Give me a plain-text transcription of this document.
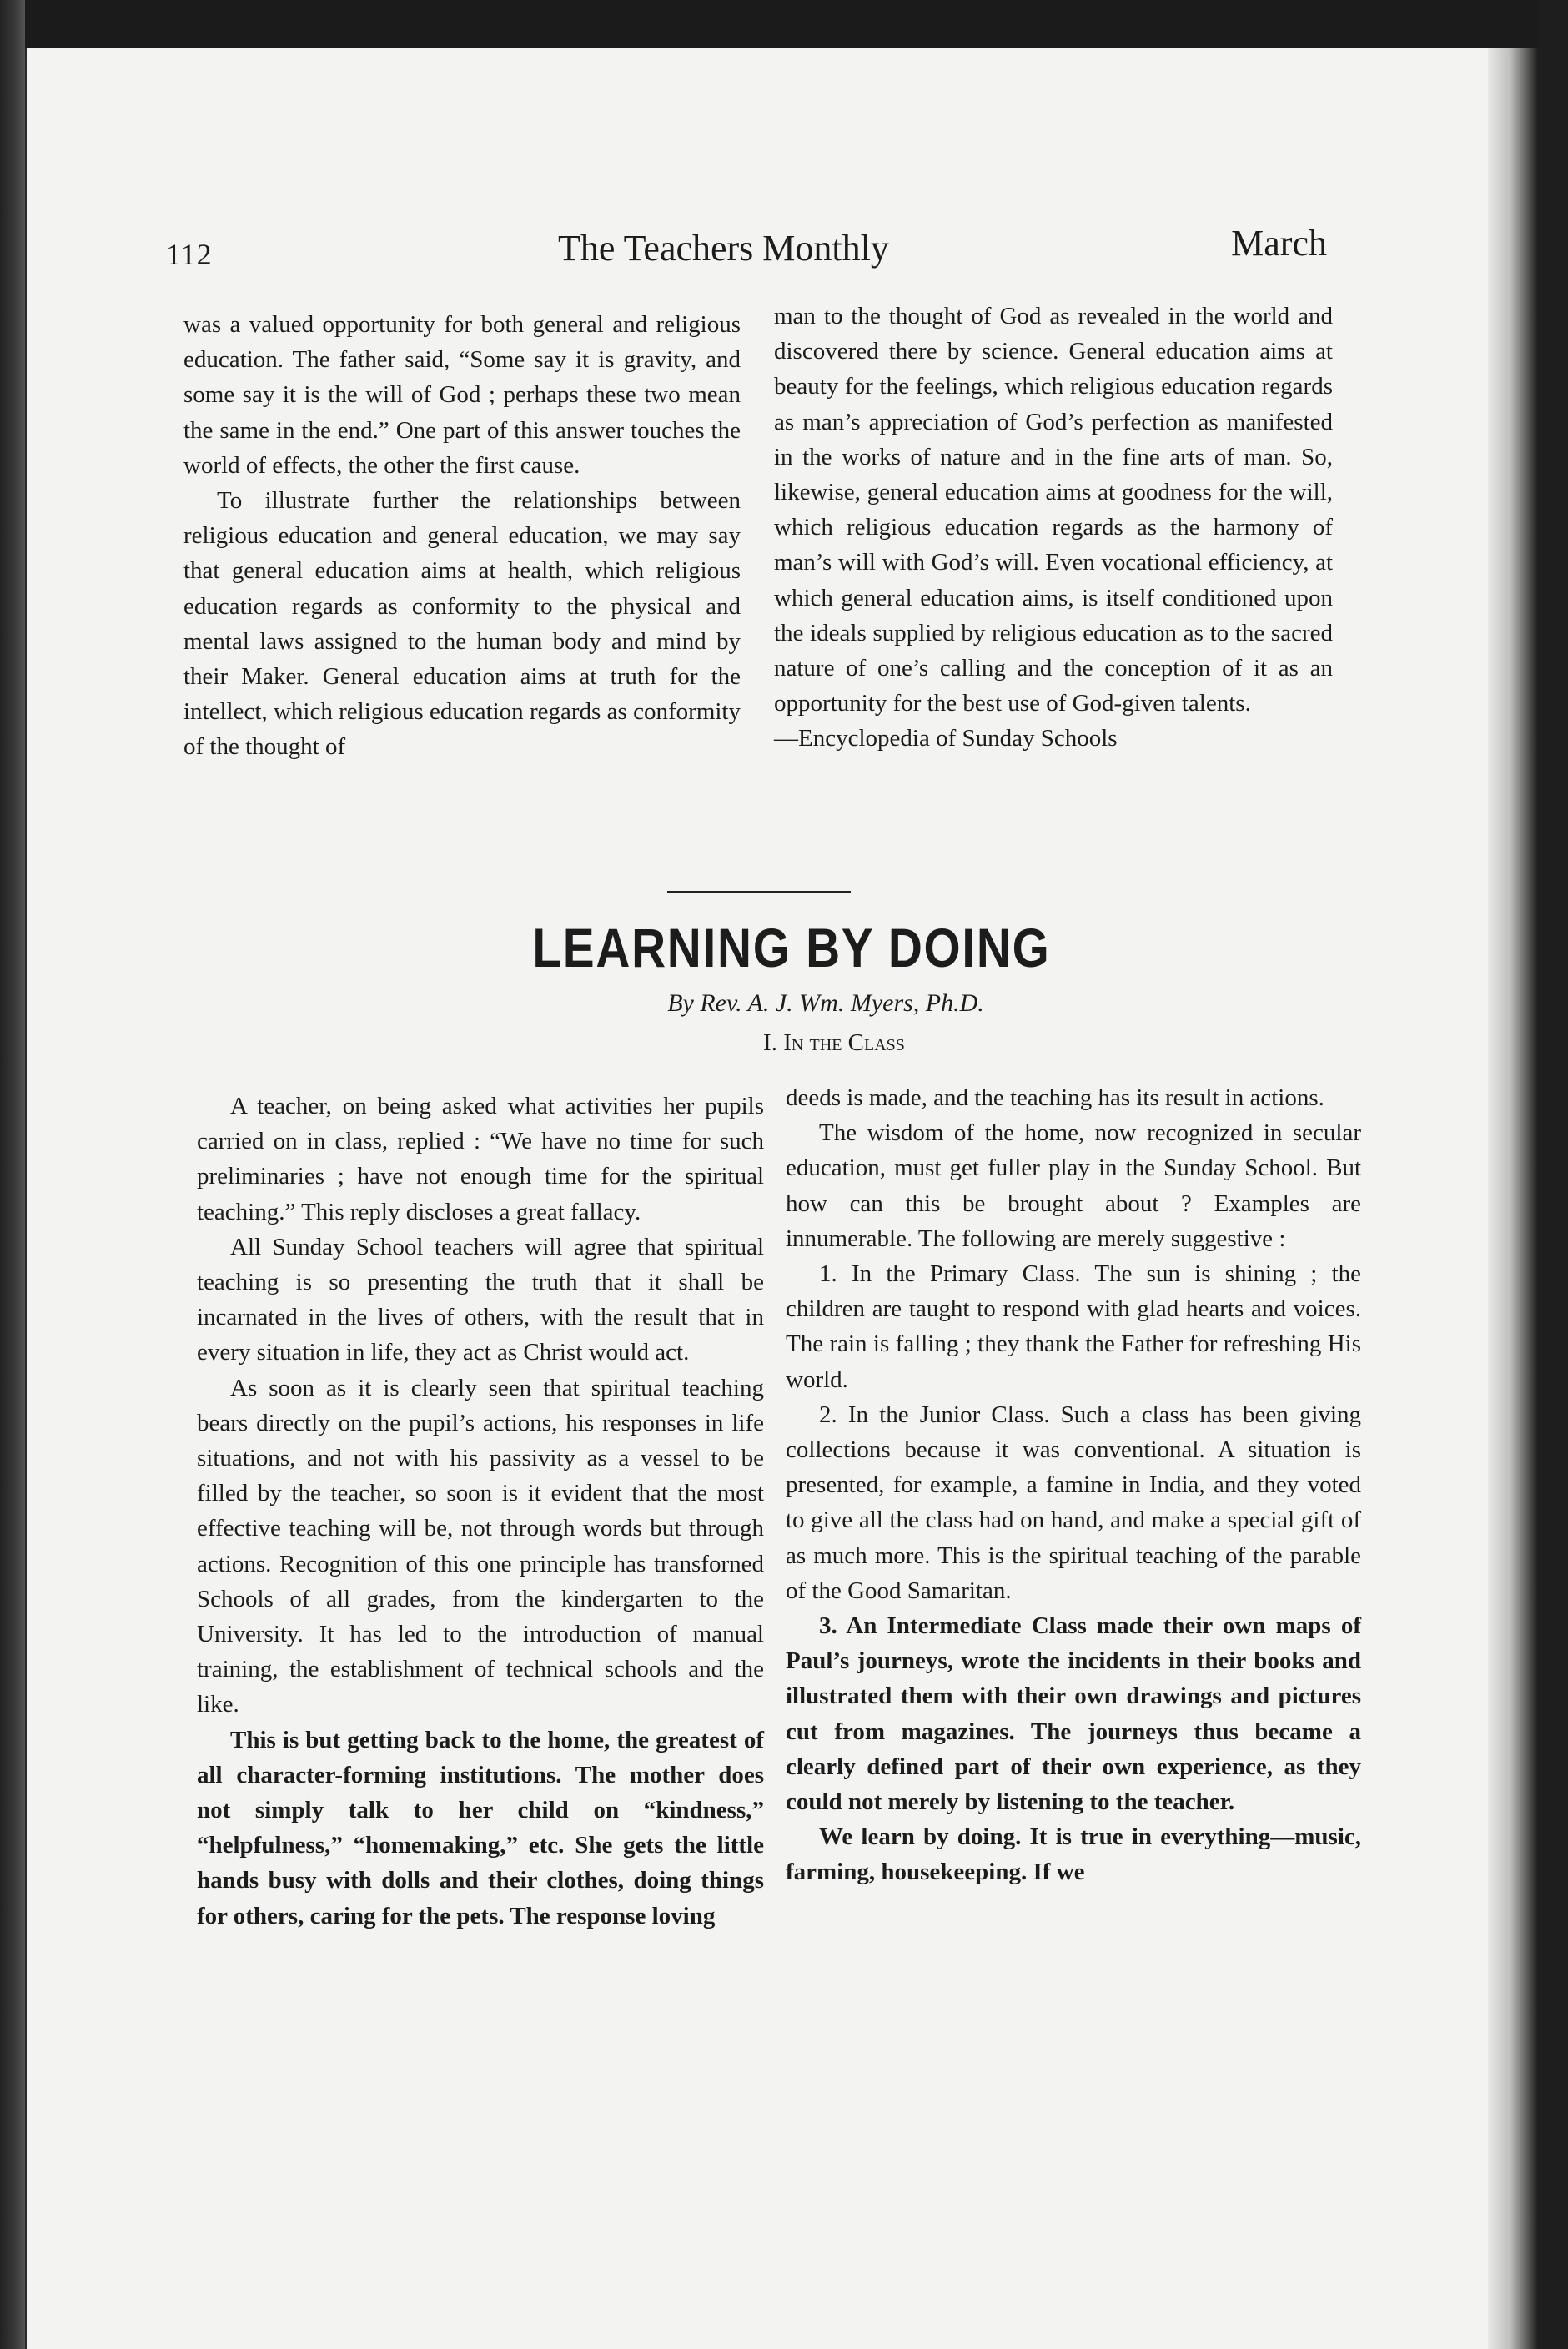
112	The Teachers Monthly	March

was a valued opportunity for both general and religious education. The father said, “Some say it is gravity, and some say it is the will of God ; perhaps these two mean the same in the end.” One part of this answer touches the world of effects, the other the first cause.

To illustrate further the relationships between religious education and general education, we may say that general education aims at health, which religious education regards as conformity to the physical and mental laws assigned to the human body and mind by their Maker. General education aims at truth for the intellect, which religious education regards as conformity of the thought of

man to the thought of God as revealed in the world and discovered there by science. General education aims at beauty for the feelings, which religious education regards as man’s appreciation of God’s perfection as manifested in the works of nature and in the fine arts of man. So, likewise, general education aims at goodness for the will, which religious education regards as the harmony of man’s will with God’s will. Even vocational efficiency, at which general education aims, is itself conditioned upon the ideals supplied by religious education as to the sacred nature of one’s calling and the conception of it as an opportunity for the best use of God-given talents.

—Encyclopedia of Sunday Schools

LEARNING BY DOING
By Rev. A. J. Wm. Myers, Ph.D.
I. In the Class

A teacher, on being asked what activities her pupils carried on in class, replied : “We have no time for such preliminaries ; have not enough time for the spiritual teaching.” This reply discloses a great fallacy.

All Sunday School teachers will agree that spiritual teaching is so presenting the truth that it shall be incarnated in the lives of others, with the result that in every situation in life, they act as Christ would act.

As soon as it is clearly seen that spiritual teaching bears directly on the pupil’s actions, his responses in life situations, and not with his passivity as a vessel to be filled by the teacher, so soon is it evident that the most effective teaching will be, not through words but through actions. Recognition of this one principle has transforned Schools of all grades, from the kindergarten to the University. It has led to the introduction of manual training, the establishment of technical schools and the like.

This is but getting back to the home, the greatest of all character-forming institutions. The mother does not simply talk to her child on “kindness,” “helpfulness,” “homemaking,” etc. She gets the little hands busy with dolls and their clothes, doing things for others, caring for the pets. The response loving

deeds is made, and the teaching has its result in actions.

The wisdom of the home, now recognized in secular education, must get fuller play in the Sunday School. But how can this be brought about ? Examples are innumerable. The following are merely suggestive :

1. In the Primary Class. The sun is shining ; the children are taught to respond with glad hearts and voices. The rain is falling ; they thank the Father for refreshing His world.

2. In the Junior Class. Such a class has been giving collections because it was conventional. A situation is presented, for example, a famine in India, and they voted to give all the class had on hand, and make a special gift of as much more. This is the spiritual teaching of the parable of the Good Samaritan.

3. An Intermediate Class made their own maps of Paul’s journeys, wrote the incidents in their books and illustrated them with their own drawings and pictures cut from magazines. The journeys thus became a clearly defined part of their own experience, as they could not merely by listening to the teacher.

We learn by doing. It is true in everything—music, farming, housekeeping. If we
